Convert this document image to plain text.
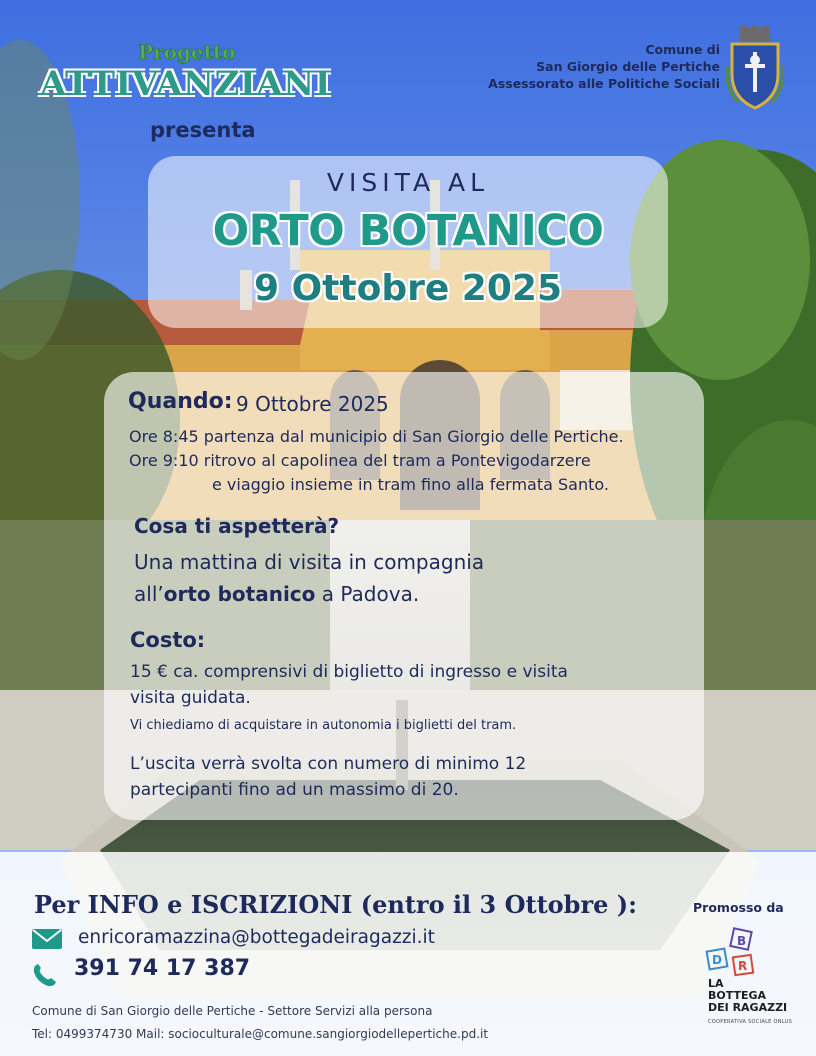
Progetto
ATTIVANZIANI
presenta
Comune di
San Giorgio delle Pertiche
Assessorato alle Politiche Sociali
VISITA AL
ORTO BOTANICO
9 Ottobre 2025
Quando: 9 Ottobre 2025
Ore 8:45 partenza dal municipio di San Giorgio delle Pertiche.
Ore 9:10 ritrovo al capolinea del tram a Pontevigodarzere
e viaggio insieme in tram fino alla fermata Santo.
Cosa ti aspetterà?
Una mattina di visita in compagnia
all’orto botanico a Padova.
Costo:
15 € ca. comprensivi di biglietto di ingresso e visita
visita guidata.
Vi chiediamo di acquistare in autonomia i biglietti del tram.
L’uscita verrà svolta con numero di minimo 12
partecipanti fino ad un massimo di 20.
Per INFO e ISCRIZIONI (entro il 3 Ottobre ):
enricoramazzina@bottegadeiragazzi.it
391 74 17 387
Comune di San Giorgio delle Pertiche - Settore Servizi alla persona
Tel: 0499374730 Mail: socioculturale@comune.sangiorgiodellepertiche.pd.it
Promosso da
B
D R
LA
BOTTEGA
DEI RAGAZZI
COOPERATIVA SOCIALE ONLUS
